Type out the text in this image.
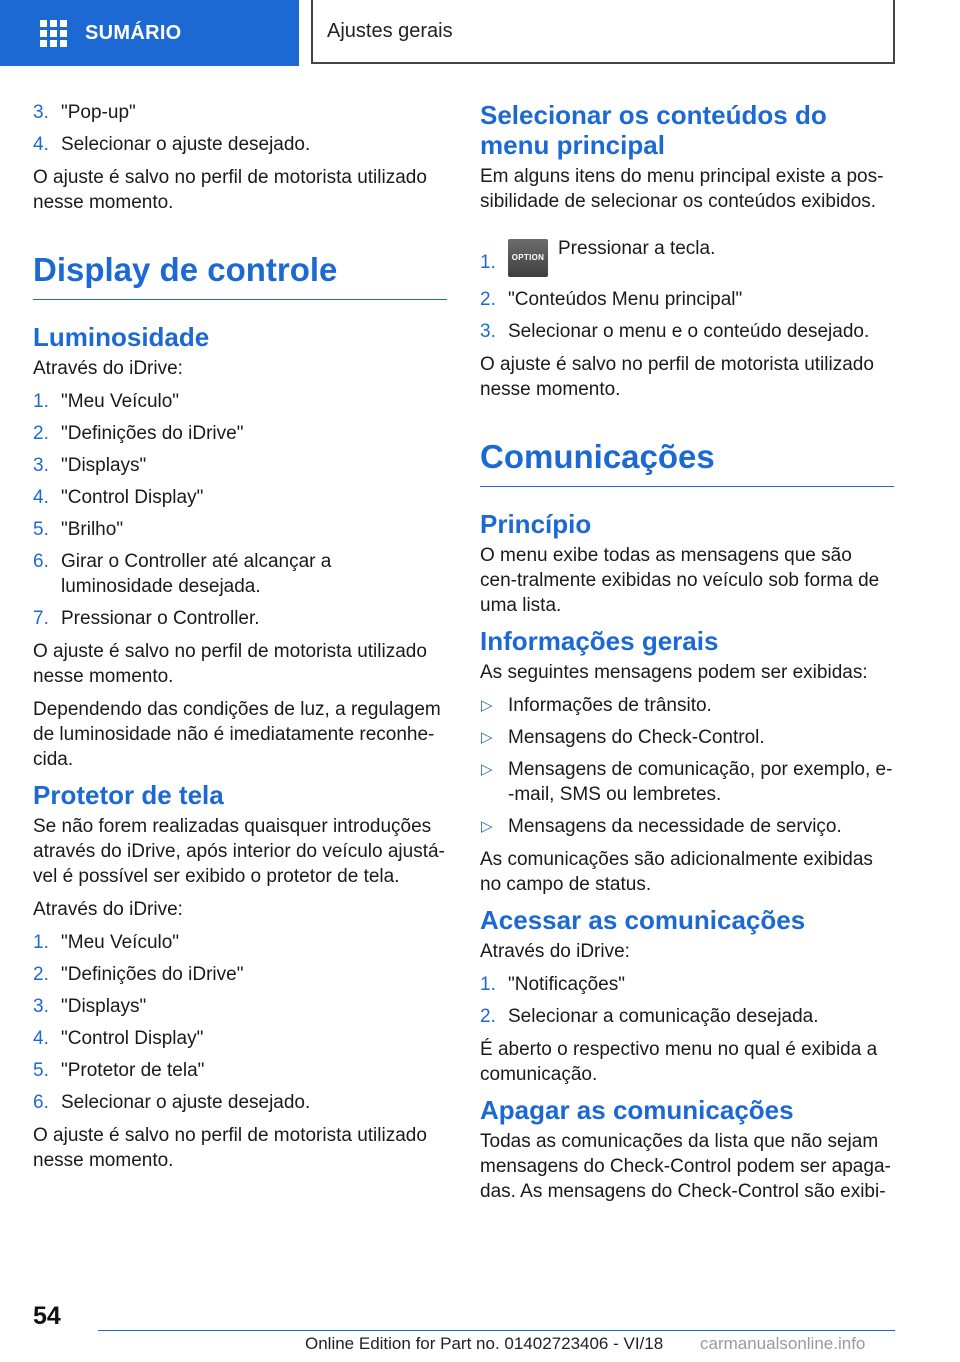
SUMÁRIO	Ajustes gerais
3. "Pop-up"
4. Selecionar o ajuste desejado.

O ajuste é salvo no perfil de motorista utilizado nesse momento.

Display de controle
Luminosidade

Através do iDrive:

1. "Meu Veículo"
2. "Definições do iDrive"
3. "Displays"
4. "Control Display"
5. "Brilho"
6. Girar o Controller até alcançar a luminosidade desejada.
7. Pressionar o Controller.

O ajuste é salvo no perfil de motorista utilizado nesse momento.

Dependendo das condições de luz, a regulagem de luminosidade não é imediatamente reconhe-cida.

Protetor de tela

Se não forem realizadas quaisquer introduções através do iDrive, após interior do veículo ajustá-vel é possível ser exibido o protetor de tela.

Através do iDrive:

1. "Meu Veículo"
2. "Definições do iDrive"
3. "Displays"
4. "Control Display"
5. "Protetor de tela"
6. Selecionar o ajuste desejado.

O ajuste é salvo no perfil de motorista utilizado nesse momento.

Selecionar os conteúdos do menu principal

Em alguns itens do menu principal existe a pos-sibilidade de selecionar os conteúdos exibidos.

1. OPTION Pressionar a tecla.
2. "Conteúdos Menu principal"
3. Selecionar o menu e o conteúdo desejado.

O ajuste é salvo no perfil de motorista utilizado nesse momento.

Comunicações
Princípio

O menu exibe todas as mensagens que são cen-tralmente exibidas no veículo sob forma de uma lista.

Informações gerais

As seguintes mensagens podem ser exibidas:

▷ Informações de trânsito.
▷ Mensagens do Check-Control.
▷ Mensagens de comunicação, por exemplo, e--mail, SMS ou lembretes.
▷ Mensagens da necessidade de serviço.

As comunicações são adicionalmente exibidas no campo de status.

Acessar as comunicações

Através do iDrive:

1. "Notificações"
2. Selecionar a comunicação desejada.

É aberto o respectivo menu no qual é exibida a comunicação.

Apagar as comunicações

Todas as comunicações da lista que não sejam mensagens do Check-Control podem ser apaga-das. As mensagens do Check-Control são exibi-

54
Online Edition for Part no. 01402723406 - VI/18 carmanualsonline.info
